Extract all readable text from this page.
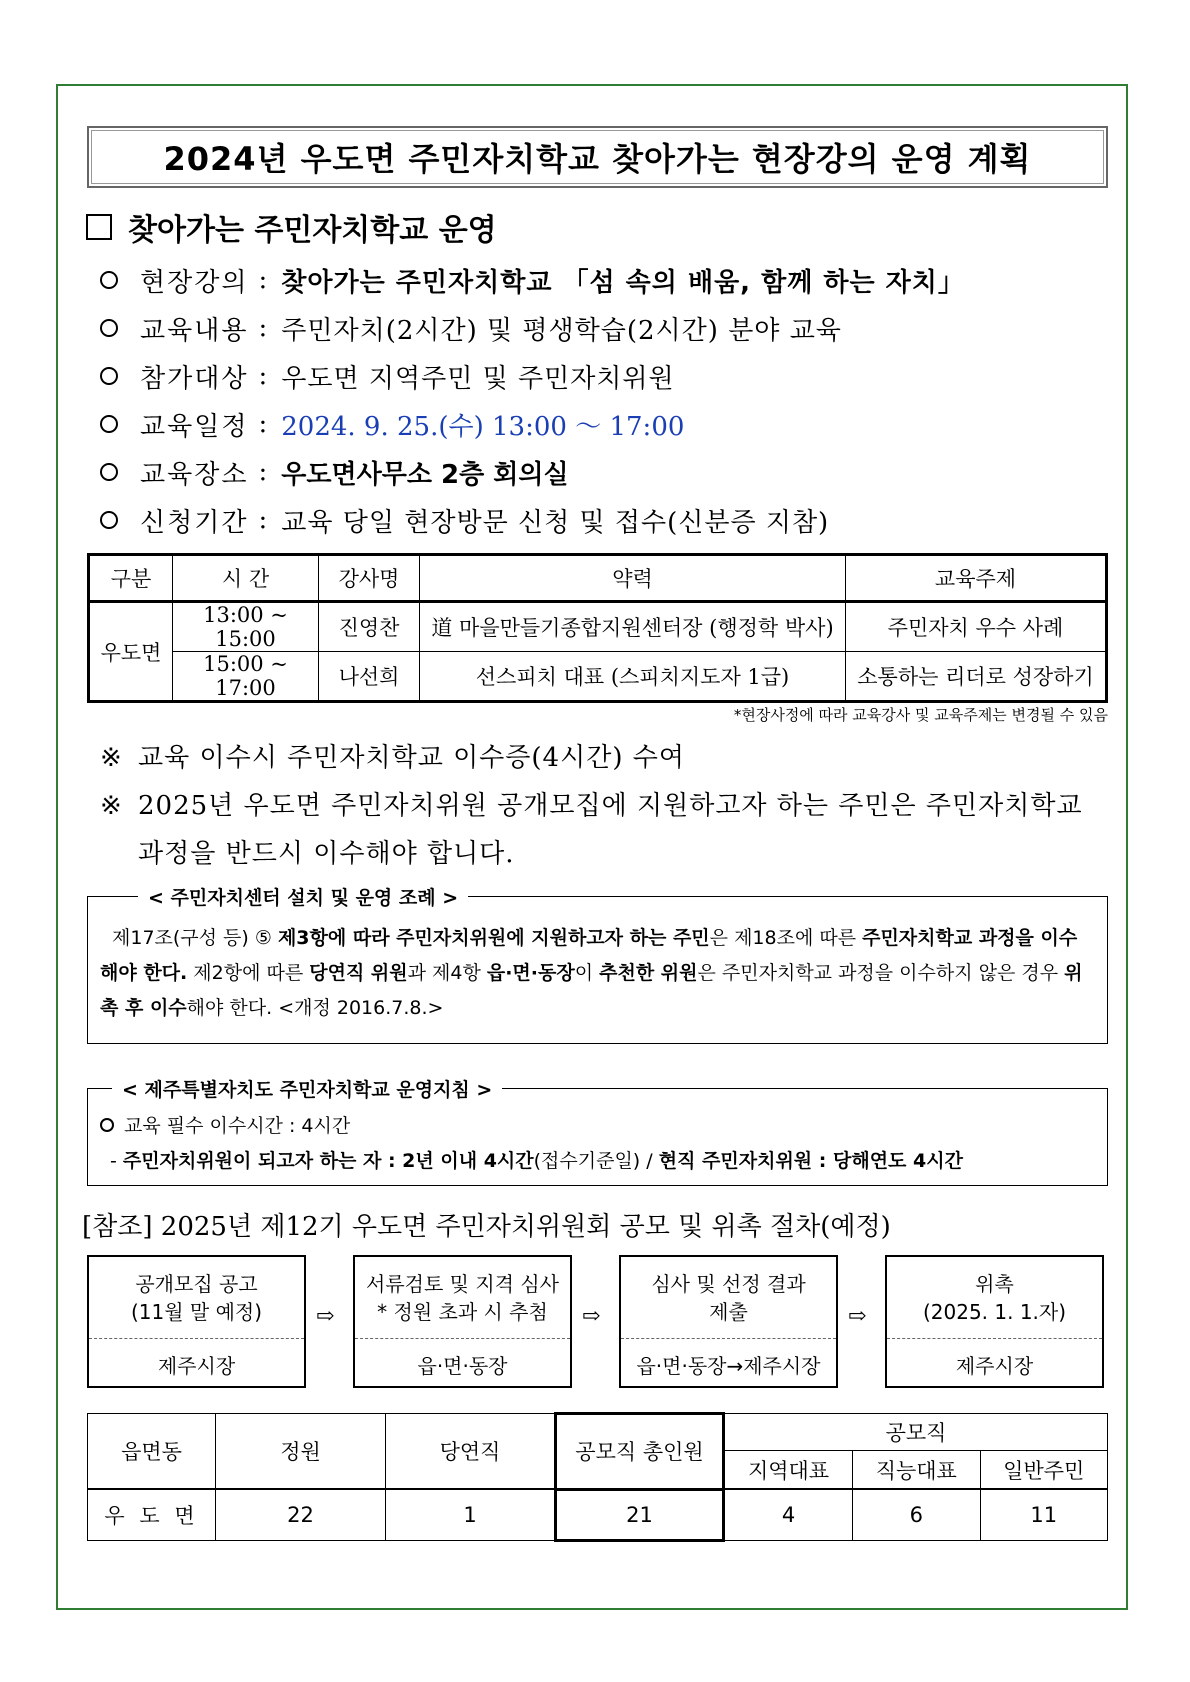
2024년 우도면 주민자치학교 찾아가는 현장강의 운영 계획
찾아가는 주민자치학교 운영
현장강의 : 찾아가는 주민자치학교 「섬 속의 배움, 함께 하는 자치」
교육내용 : 주민자치(2시간) 및 평생학습(2시간) 분야 교육
참가대상 : 우도면 지역주민 및 주민자치위원
교육일정 : 2024. 9. 25.(수) 13:00 ～ 17:00
교육장소 : 우도면사무소 2층 회의실
신청기간 : 교육 당일 현장방문 신청 및 접수(신분증 지참)
구분	시 간	강사명	약력	교육주제
우도면	13:00 ~ 15:00	진영찬	道 마을만들기종합지원센터장 (행정학 박사)	주민자치 우수 사례
	15:00 ~ 17:00	나선희	선스피치 대표 (스피치지도자 1급)	소통하는 리더로 성장하기
*현장사정에 따라 교육강사 및 교육주제는 변경될 수 있음
※ 교육 이수시 주민자치학교 이수증(4시간) 수여
※ 2025년 우도면 주민자치위원 공개모집에 지원하고자 하는 주민은 주민자치학교 과정을 반드시 이수해야 합니다.
< 주민자치센터 설치 및 운영 조례 >
제17조(구성 등) ⑤ 제3항에 따라 주민자치위원에 지원하고자 하는 주민은 제18조에 따른 주민자치학교 과정을 이수해야 한다. 제2항에 따른 당연직 위원과 제4항 읍·면·동장이 추천한 위원은 주민자치학교 과정을 이수하지 않은 경우 위촉 후 이수해야 한다. <개정 2016.7.8.>
< 제주특별자치도 주민자치학교 운영지침 >
교육 필수 이수시간 : 4시간
- 주민자치위원이 되고자 하는 자 : 2년 이내 4시간(접수기준일) / 현직 주민자치위원 : 당해연도 4시간
[참조] 2025년 제12기 우도면 주민자치위원회 공모 및 위촉 절차(예정)
공개모집 공고
(11월 말 예정)
제주시장
⇨
서류검토 및 지격 심사
* 정원 초과 시 추첨
읍·면·동장
⇨
심사 및 선정 결과
제출
읍·면·동장→제주시장
⇨
위촉
(2025. 1. 1.자)
제주시장
읍면동	정원	당연직	공모직 총인원	공모직		
				지역대표	직능대표	일반주민
우 도 면	22	1	21	4	6	11
